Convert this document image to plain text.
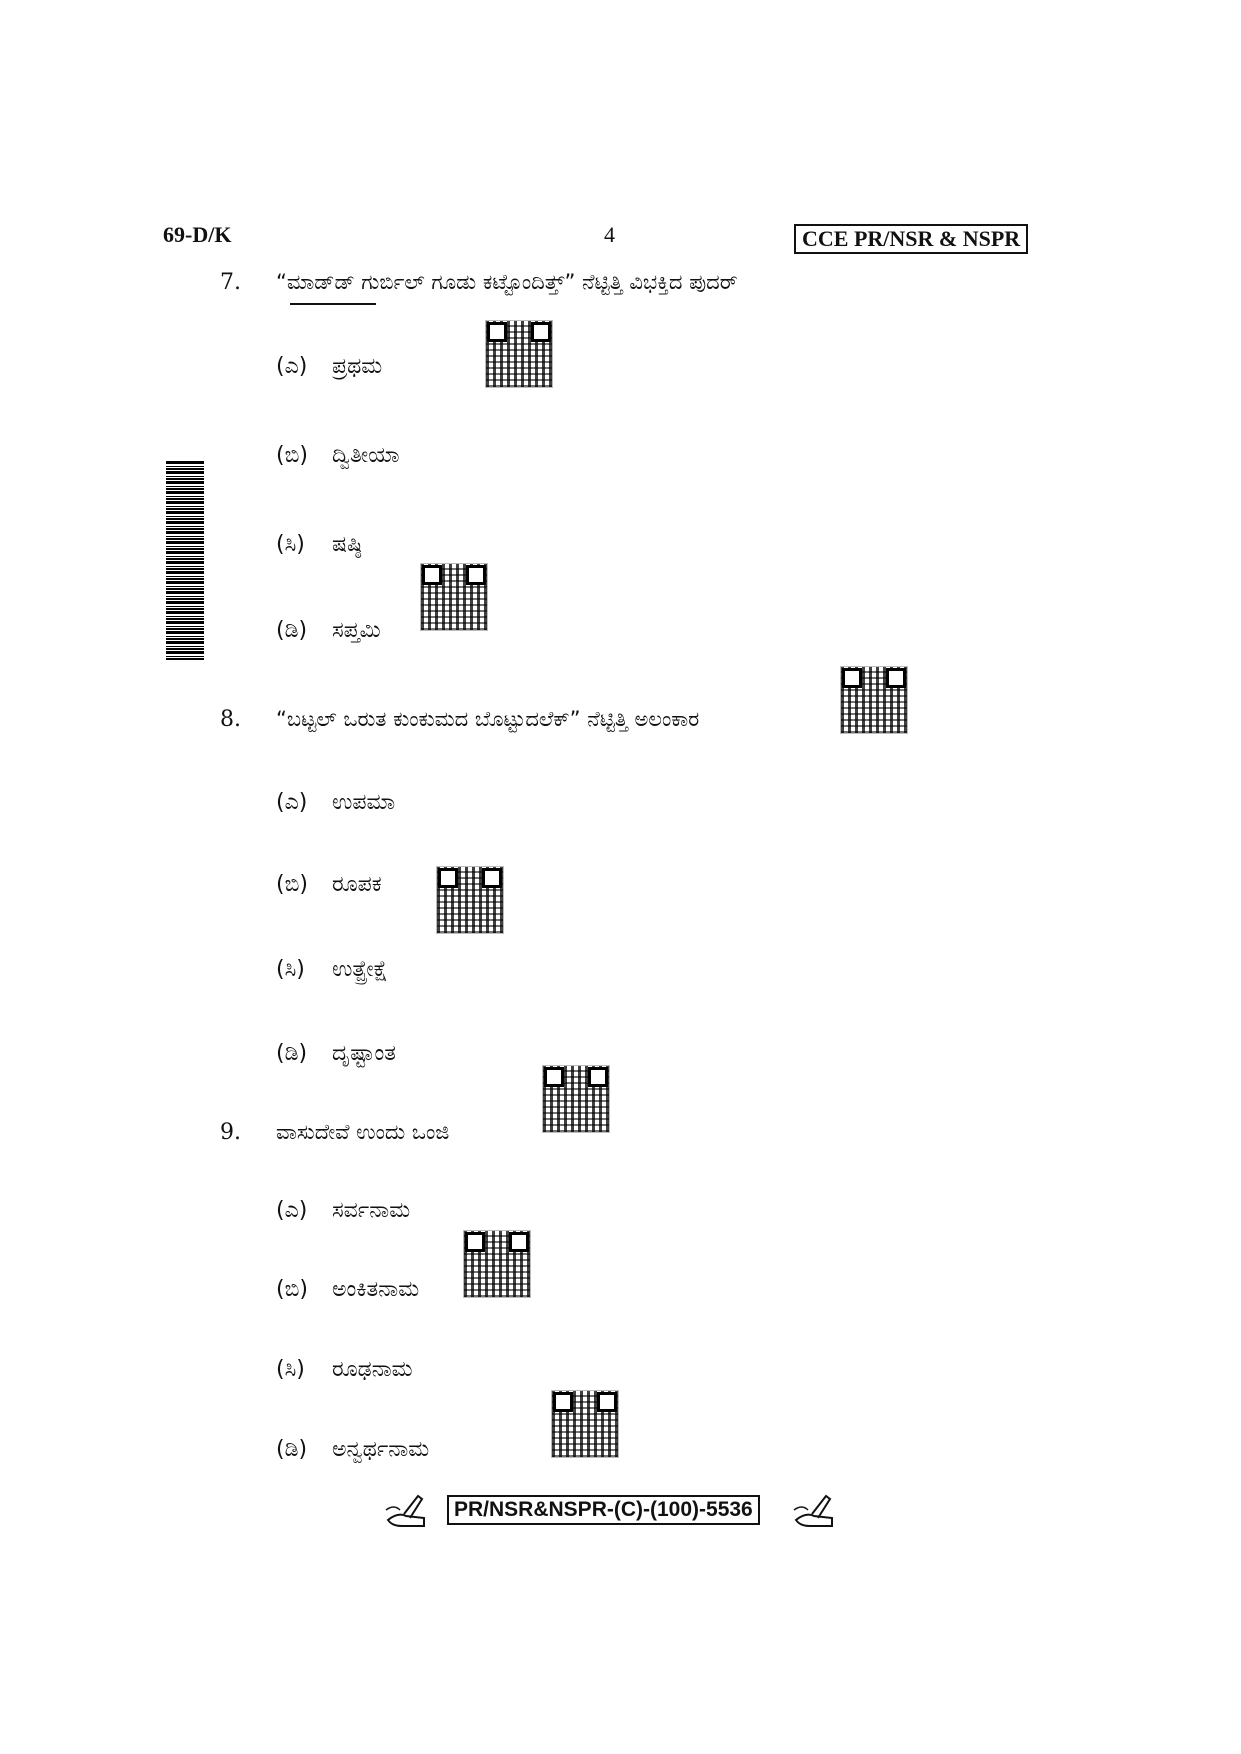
69-D/K	4	CCE PR/NSR & NSPR
7. “ಮಾಡ್‌ಡ್ ಗುರ್ಬಿಲ್ ಗೂಡು ಕಟ್ಟೊಂದಿತ್ತ್” ನೆಟ್ಟಿತ್ತಿ ವಿಭಕ್ತಿದ ಪುದರ್
(ಎ) ಪ್ರಥಮ
(ಬಿ) ದ್ವಿತೀಯಾ
(ಸಿ) ಷಷ್ಠಿ
(ಡಿ) ಸಪ್ತಮಿ
8. “ಬಟ್ಟಲ್ ಒರುತ ಕುಂಕುಮದ ಬೊಟ್ಟುದಲೆಕ್” ನೆಟ್ಟಿತ್ತಿ ಅಲಂಕಾರ
(ಎ) ಉಪಮಾ
(ಬಿ) ರೂಪಕ
(ಸಿ) ಉತ್ಪ್ರೇಕ್ಷೆ
(ಡಿ) ದೃಷ್ಟಾಂತ
9. ವಾಸುದೇವೆ ಉಂದು ಒಂಜಿ
(ಎ) ಸರ್ವನಾಮ
(ಬಿ) ಅಂಕಿತನಾಮ
(ಸಿ) ರೂಢನಾಮ
(ಡಿ) ಅನ್ವರ್ಥನಾಮ
PR/NSR&NSPR-(C)-(100)-5536
